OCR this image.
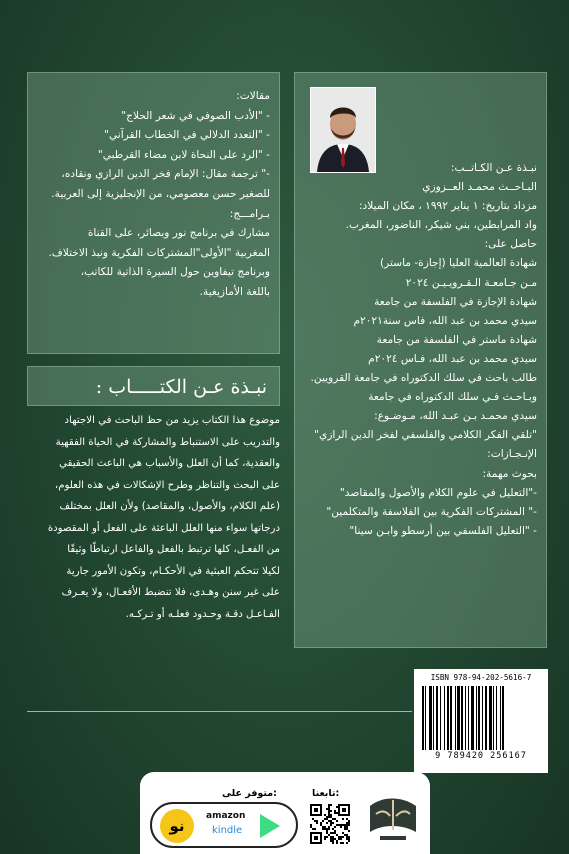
نبـذة عـن الكـاتــب:

البـاحــث محمـد العــزوزي

مزداد بتاريخ: ١ يناير ١٩٩٢ ، مكان الميلاد:

واد المرابطين، بني شيكر، الناضور، المغرب.

حاصل على:

شهادة العالمية العليا (إجازة- ماستر)

مـن جـامعـة الـقـرويـيـن ٢٠٢٤

شهادة الإجازة في الفلسفة من جامعة

سيدي محمد بن عبد الله، فاس سنة٢٠٢١م

شهادة ماستر في الفلسفة من جامعة

سيدي محمد بن عبد الله، فـاس ٢٠٢٤م

طالب باحث في سلك الدكتوراه في جامعة القرويين.

وبـاحـث فـي سلك الدكتوراه في جامعة

سيدي محمـد بـن عبـد الله، مـوضـوع:

"تلقي الفكر الكلامي والفلسفي لفخر الدين الرازي"

الإنـجـازات:

بحوث مهمة:

-"التعليل في علوم الكلام والأصول والمقاصد"

-" المشتركات الفكرية بين الفلاسفة والمتكلمين"

- "التعليل الفلسفي بين أرسطو وابـن سينا"

مقالات:

- "الأدب الصوفي في شعر الحلاج"

- "التعدد الدلالي في الخطاب القرآني"

- "الرد على النحاة لابن مضاء القرطبي"

-" ترجمة مقال: الإمام فخر الدين الرازي ونقاده،

للصغير حسن معصومي، من الإنجليزية إلى العربية.

بـرامـــج:

مشارك في برنامج نور وبصائر، على القناة

المغربية "الأولى"المشتركات الفكرية ونبذ الاختلاف.

وبرنامج تيفاوين حول السيرة الذاتية للكاتب،

باللغة الأمازيغية.

نبـذة عـن الكتـــــاب :

موضوع هذا الكتاب يزيد من حظ الباحث في الاجتهاد

والتدريب على الاستنباط والمشاركة في الحياة الفقهية

والعقدية، كما أن العلل والأسباب هي الباعث الحقيقي

على البحث والتناظر وطرح الإشكالات في هذه العلوم،

(علم الكلام، والأصول، والمقاصد) ولأن العلل بمختلف

درجاتها سواء منها العلل الباعثة على الفعل أو المقصودة

من الفعـل، كلها ترتبط بالفعل والفاعل ارتباطًا وثيقًا

لكيلا تتحكم العبثية في الأحكـام، وتكون الأمور جارية

على غير سنن وهـدى، فلا تنضبط الأفعـال، ولا يعـرف

الفـاعـل دقـة وحـدود فعلـه أو تـركـه.

ISBN 978-94-202-5616-7
9 789420 256167
تابعنا:
متوفر على:
نو
amazon
kindle
